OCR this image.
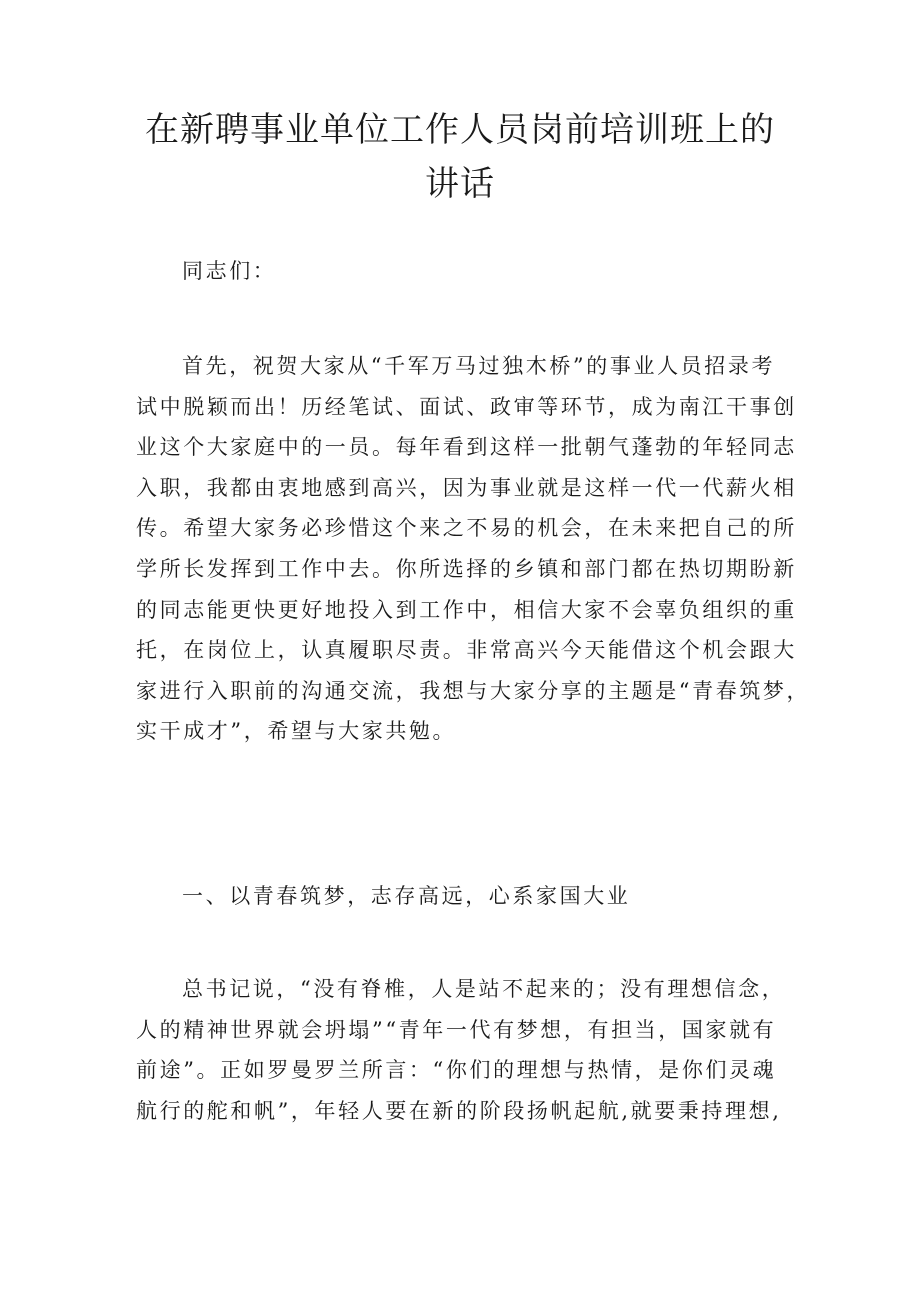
在新聘事业单位工作人员岗前培训班上的
讲话
同志们：
首先，祝贺大家从“千军万马过独木桥”的事业人员招录考
试中脱颖而出！历经笔试、面试、政审等环节，成为南江干事创
业这个大家庭中的一员。每年看到这样一批朝气蓬勃的年轻同志
入职，我都由衷地感到高兴，因为事业就是这样一代一代薪火相
传。希望大家务必珍惜这个来之不易的机会，在未来把自己的所
学所长发挥到工作中去。你所选择的乡镇和部门都在热切期盼新
的同志能更快更好地投入到工作中，相信大家不会辜负组织的重
托，在岗位上，认真履职尽责。非常高兴今天能借这个机会跟大
家进行入职前的沟通交流，我想与大家分享的主题是“青春筑梦，
实干成才”，希望与大家共勉。
一、以青春筑梦，志存高远，心系家国大业
总书记说，“没有脊椎，人是站不起来的；没有理想信念，
人的精神世界就会坍塌”“青年一代有梦想，有担当，国家就有
前途”。正如罗曼罗兰所言：“你们的理想与热情，是你们灵魂
航行的舵和帆”，年轻人要在新的阶段扬帆起航,就要秉持理想,
